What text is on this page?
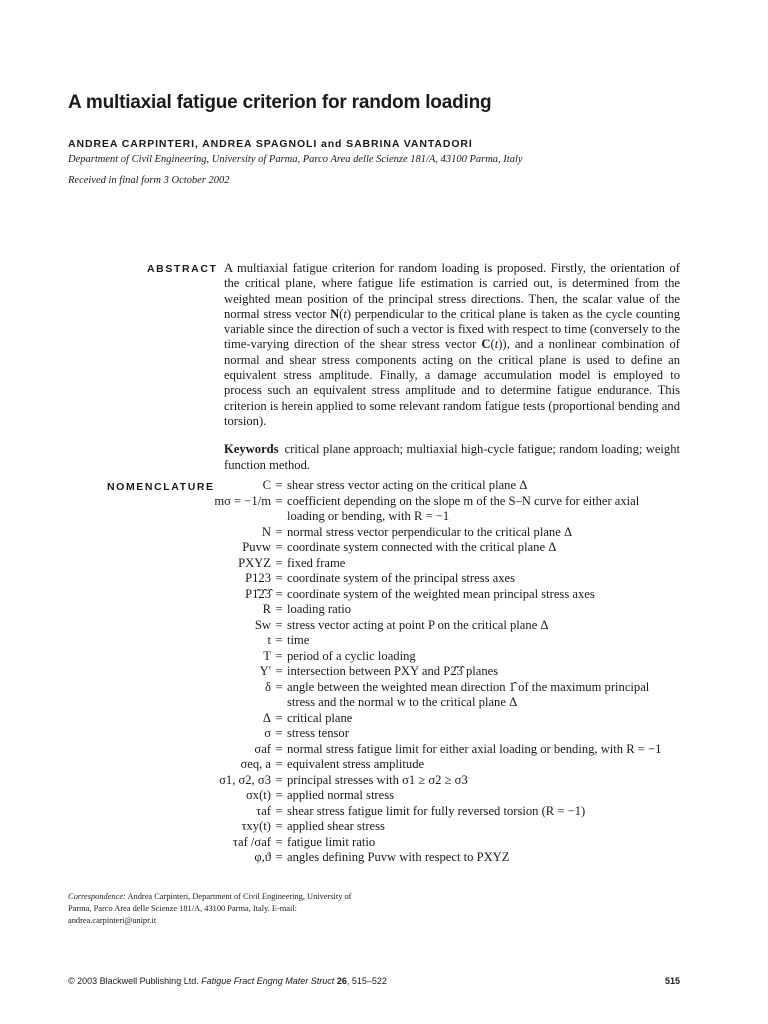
A multiaxial fatigue criterion for random loading
ANDREA CARPINTERI, ANDREA SPAGNOLI and SABRINA VANTADORI
Department of Civil Engineering, University of Parma, Parco Area delle Scienze 181/A, 43100 Parma, Italy
Received in final form 3 October 2002
ABSTRACT A multiaxial fatigue criterion for random loading is proposed. Firstly, the orientation of the critical plane, where fatigue life estimation is carried out, is determined from the weighted mean position of the principal stress directions. Then, the scalar value of the normal stress vector N(t) perpendicular to the critical plane is taken as the cycle counting variable since the direction of such a vector is fixed with respect to time (conversely to the time-varying direction of the shear stress vector C(t)), and a nonlinear combination of normal and shear stress components acting on the critical plane is used to define an equivalent stress amplitude. Finally, a damage accumulation model is employed to process such an equivalent stress amplitude and to determine fatigue endurance. This criterion is herein applied to some relevant random fatigue tests (proportional bending and torsion).
Keywords critical plane approach; multiaxial high-cycle fatigue; random loading; weight function method.
NOMENCLATURE	C = shear stress vector acting on the critical plane Δ
mσ = −1/m = coefficient depending on the slope m of the S–N curve for either axial loading or bending, with R = −1
N = normal stress vector perpendicular to the critical plane Δ
Puvw = coordinate system connected with the critical plane Δ
PXYZ = fixed frame
P123 = coordinate system of the principal stress axes
P1̂2̂3̂ = coordinate system of the weighted mean principal stress axes
R = loading ratio
Sw = stress vector acting at point P on the critical plane Δ
t = time
T = period of a cyclic loading
Y' = intersection between PXY and P2̂3̂ planes
δ = angle between the weighted mean direction 1̂ of the maximum principal stress and the normal w to the critical plane Δ
Δ = critical plane
σ = stress tensor
σaf = normal stress fatigue limit for either axial loading or bending, with R = −1
σeq, a = equivalent stress amplitude
σ1, σ2, σ3 = principal stresses with σ1 ≥ σ2 ≥ σ3
σx(t) = applied normal stress
τaf = shear stress fatigue limit for fully reversed torsion (R = −1)
τxy(t) = applied shear stress
τaf /σaf = fatigue limit ratio
φ,ϑ = angles defining Puvw with respect to PXYZ
Correspondence: Andrea Carpinteri, Department of Civil Engineering, University of Parma, Parco Area delle Scienze 181/A, 43100 Parma, Italy. E-mail: andrea.carpinteri@unipr.it
© 2003 Blackwell Publishing Ltd. Fatigue Fract Engng Mater Struct 26, 515–522	515
